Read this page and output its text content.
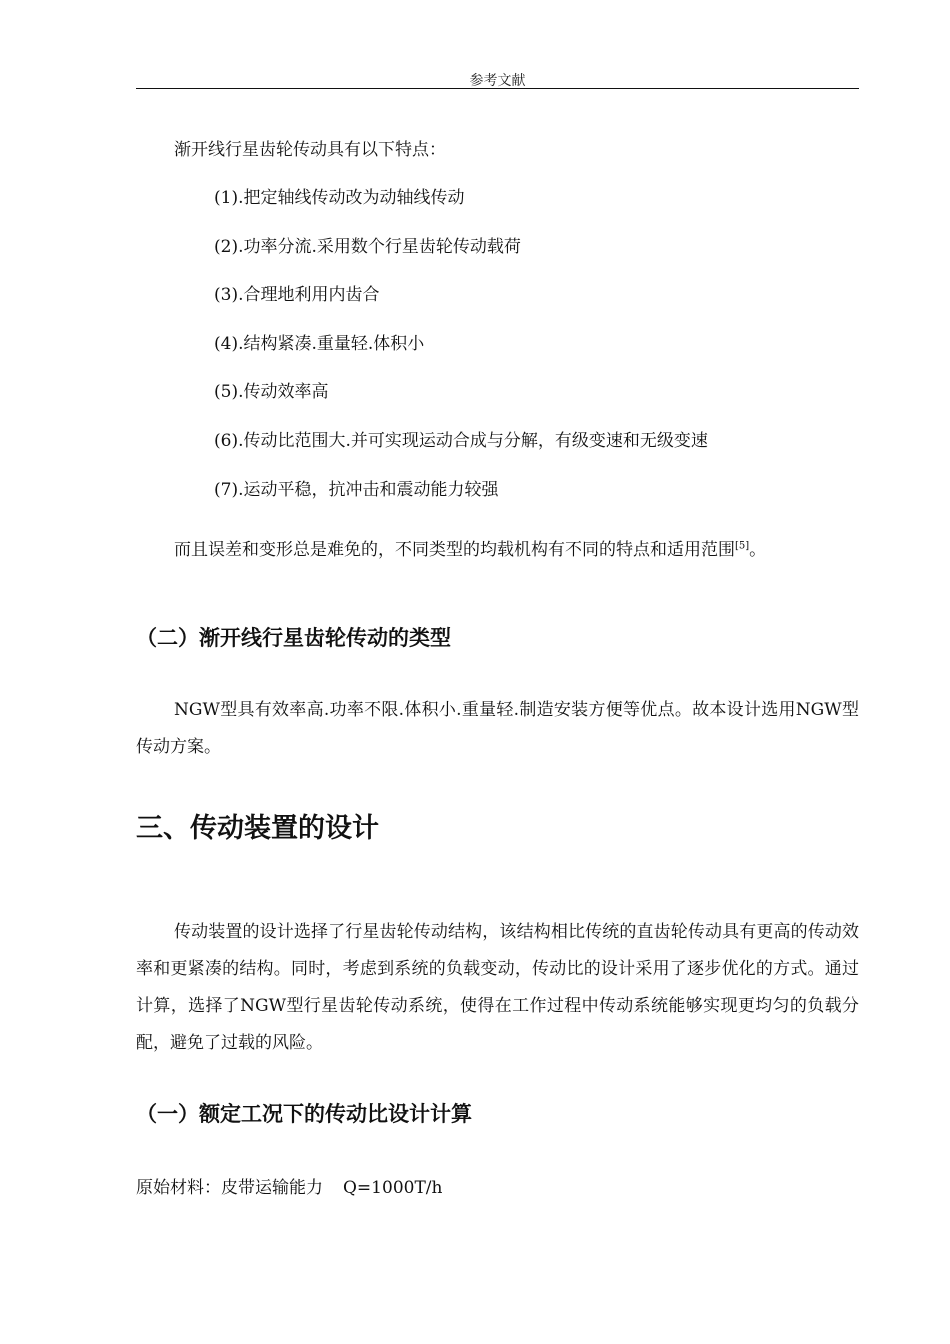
参考文献
渐开线行星齿轮传动具有以下特点：
(1).把定轴线传动改为动轴线传动
(2).功率分流.采用数个行星齿轮传动载荷
(3).合理地利用内齿合
(4).结构紧凑.重量轻.体积小
(5).传动效率高
(6).传动比范围大.并可实现运动合成与分解，有级变速和无级变速
(7).运动平稳，抗冲击和震动能力较强
而且误差和变形总是难免的，不同类型的均载机构有不同的特点和适用范围[5]。
（二）渐开线行星齿轮传动的类型
NGW型具有效率高.功率不限.体积小.重量轻.制造安装方便等优点。故本设计选用NGW型传动方案。
三、传动装置的设计
传动装置的设计选择了行星齿轮传动结构，该结构相比传统的直齿轮传动具有更高的传动效率和更紧凑的结构。同时，考虑到系统的负载变动，传动比的设计采用了逐步优化的方式。通过计算，选择了NGW型行星齿轮传动系统，使得在工作过程中传动系统能够实现更均匀的负载分配，避免了过载的风险。
（一）额定工况下的传动比设计计算
原始材料：皮带运输能力 Q=1000T/h
